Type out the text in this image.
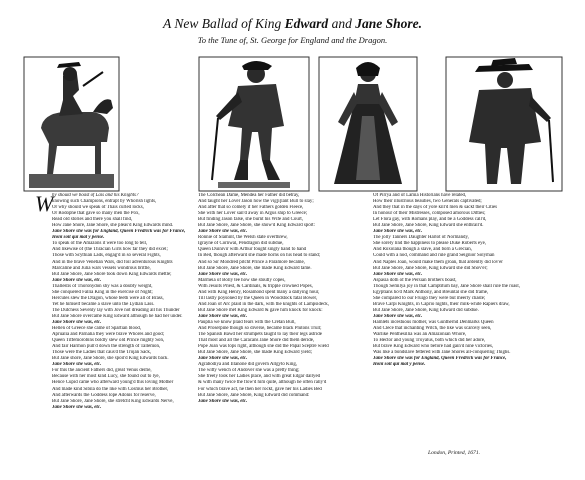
A New Ballad of King Edward and Jane Shore.
To the Tune of, St. George for England and the Dragon.
W
hy should we boast of Lais and his Knights?
knowing such Champions, entrapt by Whorish lights,
Or why should we speak of Thais curled locks,
Or Rodophe that gave so many men the Pox,
Read old stories and there you shall find,
How Jane Shore, Jane Shore, she pleas'd King Edwards mind.
Jane Shore she was for England, Queen Fredrick was for France,
Honi soit qui mal y pense.
To speak of the Amazons it were too long to tell,
And likewise of (the Thracian Girls how far they did excel;
Those with Scythian Lads, engag'd in so several Fights,
And in the brave Venetian Wars, did foil adventurous Knights
Marcaline and Julia wars vessels wondrous brittle,
But Jane Shore, Jane Shore took down King Edwards mettle;
Jane Shore she was, etc.
Thallestis of Thoronydon shy was a doubty weight,
She conquered Fallia King in the exercise of Night;
Hercules slew the Dragon, whose teeth were all of Brass,
Yet he himself became a slave unto the Lydian Lass.
The Dutchess Sevenly lay with Jove not dreading all his Thunder
But Jane Shore overcame King Edward although he had her under.
Jane Shore she was, etc.
Hellen of Greece she came of Spartian blood,
Aprualia and Parnalia they were brave Whores and good;
Queen Tiffemorobins boldly slew old Prince mighty Son,
And fair Harmon pull'd down the strength of Tallemon,
Those were the Ladies that caus'd the Trojan Sack,
But Jane shore, Jane Shore, she spoil'd King Edwards back.
Jane Shore she was, etc.
For this the ancient Fathers did, great Venus deifie,
Because with her most kind Lucy, she found out to lye,
Hence Cupid came who afterward young'd this loving Mother
And made kind Sibila do the like with Cosmus her Brother,
And afterwards the Goddess lope Adonis for reserve,
But Jane Shore, Jane Shore, she stretcht King Edwards Nerve,
Jane Shore she was, etc.
The Colchean Dame, Mendea her Father did betray,
And taught her Lover Jason how the vig[i]lant Bull to slay;
And after that so comely if her Fathers golden Fleece,
She with her Lover sail'd away in Argus ship to Greece;
But finding Jason false, she burnt his Wife and Court,
But Jane Shore, Jane Shore, she show'd King Edward sport:
Jane Shore she was, etc.
Ronnie of Slamint, the Welsh state overthrew,
Igrayne of Cornwal, Pendragon did subdue,
Queen Duinivir with Arthur fought singly hand to hand
In Bed, though afterward she made horns on his head to stand;
And so Sir Mondred pitcht Prince a Paramore became,
But Jane Shore, Jane Shore, she made King Edward tame.
Jane Shore she was, etc.
Marmeia of Bolly tee how she stoutly copes,
With Jesuits Priest, & Cardinals, & tripple crowned Popes,
And with King Henry, Rosamond spent many a dallying hour,
Till lastly poysoned by the Queen in Woodstock fatal Bower,
And Joan of Arc plaid in the dark, with the knights of Lampsideck,
But Jane Shore met King Edward & gave him knock for knock:
Jane Shore she was, etc.
Pauplia we know plaid fears with the Cretan Bull,
And Proserpine though so diverse, became black Plutons Trull;
The Spanish Bawd her strumpets taught to lay their legs astride
That most and all the Caracans Jane Shore did them deride,
Pope Joan was tops right, although she did the Papal Sceptre wield
But Jane Shore, Jane Shore, she made King Edward yield;
Jane Shore she was, etc.
Agrabodiya and Illanone did govern Allgyto King,
The witty wench of Andover she was a pretty thing;
She freely took her Ladies place, and with great Edgar dallyed
& with many twice the flow'd him quite, although he often rally'd
For which brave act, he then her rockt, gave her his Ladies Bed
But Jane Shore, Jane Shore, King Edward did command:
Jane Shore she was, etc.
Of Pirrya and of Lamia Historians have related,
How their illustrious beauties, two Generals captivated;
And they that in the days of yore kill'd men & sackt their Cities
In honour of their Mistresses, composed amorous Ditties;
Let Flora gay, with Romans play, and be a Goddess call'd,
But Jane Shore, Jane Shore, King Edward she enthrall'd.
Jane Shore she was, etc.
The jolly Tanners Daughter Harlot of Normandy,
She sorely lind the happiness to please Duke Roberts eye,
And Roxolana though a slave, and born a Grecian,
Could with a nod, command and rule grand Seignior Solyman
And Naples Joan, would make them groan, that ardently did lov'er
But Jane Shore, Jane Shore, King Edward she did Shov'er;
Jane Shore she was, etc.
Aspasia doth of the Persian brothers boast,
Though Semilya joy in that Camptitum bay, Jane Shore shall rule the roast,
Egyptians ho'd Mark Anthony, and Breuntal she did frame,
She compared to our Fruigo they were but meerly chaste;
Brave Carpi Knights, in Caprio nights, their milk-white Rapiers draw,
But Jane Shore, Jane Shore, King Edward did subdue.
Jane Shore she was, etc.
Hamlets incestuous mother, was Gunthernd Denmarks Queen
And Clece that inchanting Witch, the like was scarcely seen,
Warlike Penthesillia was an Amazonian Whore,
To Hector and young Troyalus, both which did her adore,
But brave King Edward who before had gain'd nine victories,
Was like a bondslave fettered with Jane Shores all-conquering Thighs.
Jane Shore she was for England, Queen Fredrick was for France,
Honi soit qui mal y pense.
London, Printed, 1671.
